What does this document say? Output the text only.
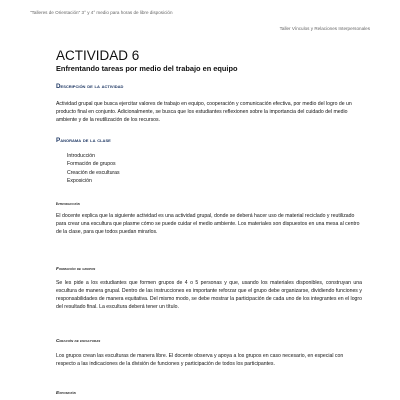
"Talleres de Orientación" 3° y 4° medio para horas de libre disposición
Taller Vínculos y Relaciones Interpersonales
ACTIVIDAD 6
Enfrentando tareas por medio del trabajo en equipo
Descripción de la actividad

Actividad grupal que busca ejercitar valores de trabajo en equipo, cooperación y comunicación efectiva, por medio del logro de un producto final en conjunto. Adicionalmente, se busca que los estudiantes reflexionen sobre la importancia del cuidado del medio ambiente y de la reutilización de los recursos.

Panorama de la clase
Introducción
Formación de grupos
Creación de esculturas
Exposición
Introducción

El docente explica que la siguiente actividad es una actividad grupal, donde se deberá hacer uso de material reciclado y reutilizado para crear una escultura que plasme cómo se puede cuidar el medio ambiente. Los materiales son dispuestos en una mesa al centro de la clase, para que todos puedan mirarlos.

Formación de grupos

Se les pide a los estudiantes que formen grupos de 4 o 5 personas y que, usando los materiales disponibles, construyan una escultura de manera grupal. Dentro de las instrucciones es importante reforzar que el grupo debe organizarse, dividiendo funciones y responsabilidades de manera equitativa. Del mismo modo, se debe mostrar la participación de cada uno de los integrantes en el logro del resultado final. La escultura deberá tener un título.

Creación de esculturas

Los grupos crean las esculturas de manera libre. El docente observa y apoya a los grupos en caso necesario, en especial con respecto a las indicaciones de la división de funciones y participación de todos los participantes.

Exposición
